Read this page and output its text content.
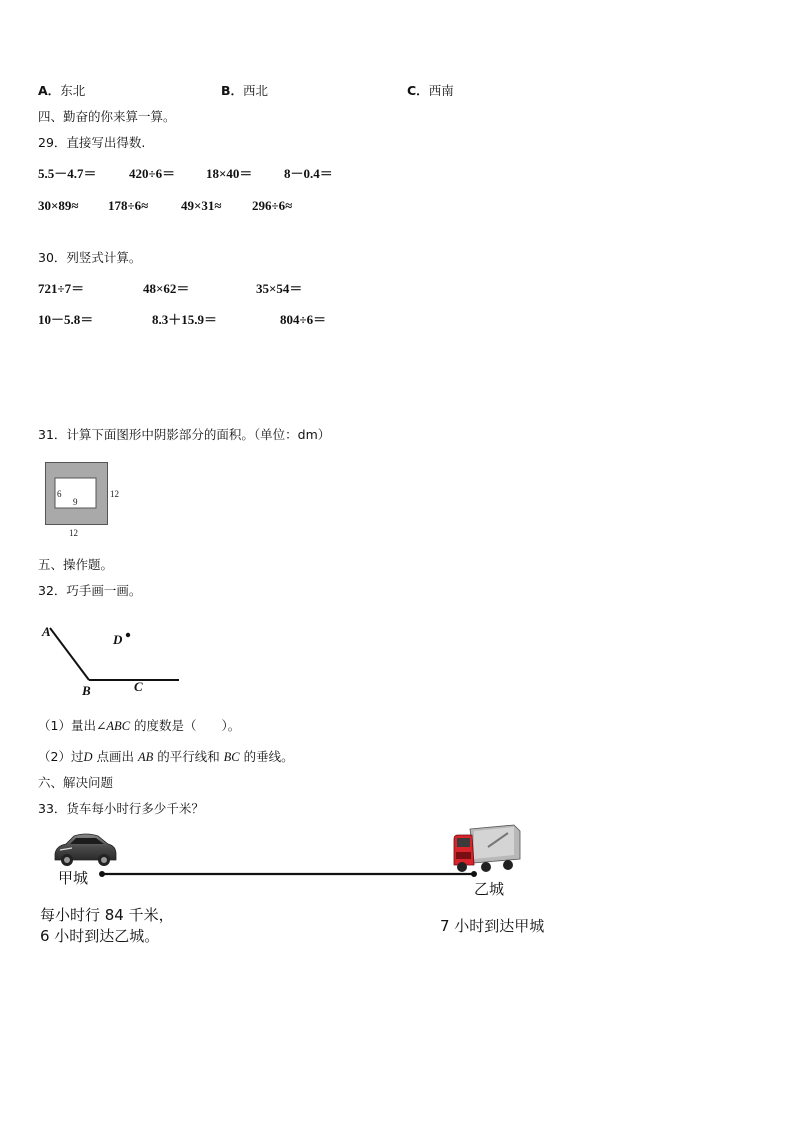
A．东北	B．西北	C．西南
四、勤奋的你来算一算。
29．直接写出得数.
5.5－4.7＝ 420÷6＝ 18×40＝ 8－0.4＝
30×89≈ 178÷6≈	49×31≈ 296÷6≈
30．列竖式计算。
721÷7＝	48×62＝	35×54＝
10－5.8＝	8.3＋15.9＝	804÷6＝
31．计算下面图形中阴影部分的面积。（单位：dm）
6
9
12
12
五、操作题。
32．巧手画一画。
A
D
B	C
（1）量出∠ABC 的度数是（　　）。
（2）过D 点画出 AB 的平行线和 BC 的垂线。
六、解决问题
33．货车每小时行多少千米？
甲城
乙城
每小时行 84 千米，
6 小时到达乙城。
7 小时到达甲城
